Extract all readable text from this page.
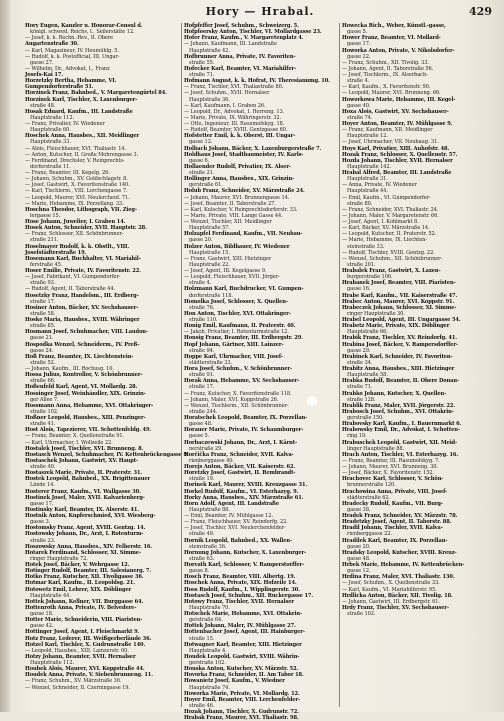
Hory — Hrabal.	429
Hory Eugen, Kanzler u. Honorar-Consul d.
königl. schwed. Reichs, I., Seilerstätte 12.
— Josef, k. k. Rechn.-Rev., II. Obere
Augartenstraße 30.
— Karl, Magazineur, IV. Heumühlg. 5.
— Rudolf, k. k. Postofficial, III. Ungar-
gasse 27.
— Wilhelm, Dr., Advokat, I., Franz
Josefs-Kai 17.
Horzetzky Bertha, Hebamme, VI.
Gumpendorferstraße 51.
Horzinek Franz, Bahnbed., V. Margaretengürtel 84.
Horzinek Karl, Tischler, X. Laxenburger-
straße 48.
Hosak Eduard, Kaufm., III. Landstraße
Hauptstraße 112.
— Franz, Privatier, IV. Wiedener
Hauptstraße 60.
Hoschek Anna, Hausbes., XII. Meidlinger
Hauptstraße 33.
— Alois, Fleischhauer, XVI. Thaliastr. 14.
— Anton, Kutscher, II. Große Mohrengasse 3.
— Ferdinand, Drechsler, V. Reinprechts-
dorferstraße 11.
— Franz, Beamter, III. Kegelg. 26.
— Johann, Schuhm., XV. Goldschlagstr. 8.
— Josef, Gastwirt, X. Favoritenstraße 140.
— Karl, Tischlerm., VIII. Lerchengasse 7.
— Leopold, Maurer, XVI. Neulerchenf. 71.
— Marie, Hebamme, IX. Porzellang. 33.
Hoschna Theodor, Lithograph, VII. Zieg-
lergasse 15.
Hose Johann, Juwelier, I. Graben 14.
Hosek Anton, Schneider, XVII. Hauptstr. 28.
— Franz, Schlosser, XII. Schönbrunner-
straße 211.
Hoselmayer Rudolf, k. k. Obstlt., VIII.
Josefstädterstraße 19.
Hosemann Karl, Buchhalter, VI. Mariahil-
ferstraße 45.
Hoser Emilie, Private, IV. Favoritenstr. 22.
— Josef, Fabrikant, VI. Gumpendorfer-
straße 93.
— Rudolf, Agent, II. Taborstraße 44.
Hosetzky Franz, Handelsm., III. Erdberg-
straße 17.
Hosiner Anton, Bäcker, XV. Sechshauser-
straße 58.
Hoske Maria, Hausbes., XVIII. Währinger
straße 85.
Hosmann Josef, Schuhmacher, VIII. Laudon-
gasse 21.
Hospodka Wenzel, Schneiderm., IV. Preß-
gasse 24.
Hoß Franz, Beamter, IX. Liechtenstein-
straße 52.
— Johann, Kaufm., III. Rochusg. 10.
Hossa Julius, Kontrollor, V. Schönbrunner-
straße 66.
Hoßenfeld Karl, Agent, VI. Mollardg. 28.
Hossinger Josef, Weinhändler, XIX. Grinzin-
ger Allee 7.
Hossmann Anna, Hebamme, XVI. Ottakringer-
straße 102.
Hoßner Leopold, Hausbes., XIII. Penzinger-
straße 41.
Host Alois, Tapezierer, VII. Schottenfeldg. 49.
— Franz, Beamter, X. Quellenstraße 91.
— Karl, Uhrmacher, I. Wollzeile 22.
Hostalek Josef, Tischler, XVI. Brunneng. 8.
Hostasch Wenzel, Schuhmacher, IV. Kettenbrückengasse 9.
Hostaschek Johann, Gastwirt, XV. Haupt-
straße 40.
Hostaszek Marie, Private, II. Praterstr. 31.
Hostek Leopold, Bahnbed., XX. Brigittenauer
Lände 14.
Hosterer Franz, Kaufm., VI. Wallgasse 30.
Hostinek Josef, Maler, XVII. Kalvarienberg-
gasse 17.
Hostinsky Karl, Beamter, IX. Alserstr. 41.
Hostnik Anton, Kupferschmied, XVI. Wiesberg-
gasse 3.
Hostomsky Franz, Agent, XVIII. Gentzg. 14.
Hostowsky Johann, Dr., Arzt, I. Rotenturm-
straße 23.
Hoszowsky Anna, Hausbes., XIV. Felberstr. 16.
Hotarek Ferdinand, Schlosser, XI. Simme-
ringer Hauptstraße 72.
Hotek Josef, Bäcker, V. Wehrgasse 12.
Hotinger Rudolf, Beamter, III. Salesianerg. 7.
Hotko Franz, Kutscher, XII. Tivoligasse 36.
Hotmar Karl, Kaufm., II. Leopoldsg. 21.
Hotowetz Emil, Lehrer, XIX. Döblinger
Hauptstraße 44.
Hottek Johann, Kellner, VII. Burggasse 64.
Hottenroth Anna, Private, IV. Belvedere-
gasse 18.
Hotter Marie, Schneiderin, VIII. Piaristen-
gasse 42.
Hottinger Josef, Agent, I. Fleischmarkt 9.
Hotz Franz, Lederer, III. Weißgerberlände 36.
Hotzel Karl, Tischler, X. Gudrunstraße 140.
— Leopold, Hausbes., XIII. Lainzerstr. 60.
Hotzy Johann, Beamter, XVII. Hernalser
Hauptstraße 112.
Houbek Alois, Maurer, XVI. Koppstraße 44.
Houdek Anna, Private, V. Siebenbrunneng. 11.
— Franz, Schuhm., XV. Märzstraße 36.
— Wenzel, Schneider, II. Czerningasse 19.
Hofpfeffer Josef, Schuhm., Schweizerg. 5.
Hofpfoersky Anton, Tischler, VI. Mollardgasse 23.
Hofer Franz, Kaufm., V. Margaretenplatz 4.
— Johann, Kaufmann, III. Landstraße
Hauptstraße 42.
Hofbrunner Anna, Private, IV. Favoriten-
straße 55.
Hofecker Karl, Beamter, VI. Mariahilfer-
straße 71.
Hofmann August, k. k. Hofrat, IV. Theresianumg. 10.
— Franz, Tischler, XVI. Thaliastraße 80.
— Josef, Schuhm., XVII. Hernalser
Hauptstraße 36.
— Karl, Kaufmann, I. Graben 26.
— Leopold, Dr., Advokat, I. Herreng. 13.
— Marie, Private, IX. Währingerstr. 32.
— Otto, Ingenieur, III. Rasumofskyg. 18.
— Rudolf, Beamter, XVIII. Gentzgasse 60.
Hofstetter Emil, k. k. Oberst, III. Ungar-
gasse 12.
Holbach Johann, Bäcker, X. Laxenburgerstraße 7.
Holdhaus Josef, Stadtbaumeister, IV. Karls-
gasse 6.
Hollaender Rudolf, Privatier, IX. Alser-
straße 21.
Hollinger Anna, Hausbes., XIX. Grinzin-
gerstraße 61.
Holub Franz, Schneider, XV. Märzstraße 24.
— Johann, Maurer, XVI. Brunnengasse 14.
— Josef, Beamter, II. Taborstraße 27.
— Karl, Kutscher, V. Reinprechtsdorferstr. 33.
— Marie, Private, VIII. Lange Gasse 44.
— Wenzel, Tischler, XII. Meidlinger
Hauptstraße 57.
Holzapfel Ferdinand, Kaufm., VII. Neubau-
gasse 20.
Holzer Anton, Bildhauer, IV. Wiedener
Hauptstraße 15.
— Franz, Gastwirt, XIII. Hietzinger
Hauptstraße 22.
— Josef, Agent, III. Kegelgasse 9.
— Leopold, Fleischhauer, XVII. Jörger-
straße 4.
Holzmann Karl, Buchdrucker, VI. Gumpen-
dorferstraße 118.
Homolka Josef, Schlosser, X. Quellen-
straße 76.
Hon Anton, Tischler, XVI. Ottakringer-
straße 110.
Honig Emil, Kaufmann, II. Praterstr. 40.
— Jakob, Privatier, I. Rotenturmstraße 12.
Honsig Franz, Beamter, III. Erdbergstr. 29.
Hopf Johann, Gärtner, XIII. Lainzer-
straße 94.
Hoppe Karl, Uhrmacher, VIII. Josef-
städterstraße 33.
Hora Josef, Schuhm., V. Schönbrunner-
straße 91.
Horak Anna, Hebamme, XV. Sechshauser-
straße 17.
— Franz, Kutscher, X. Favoritenstraße 118.
— Johann, Maler, XVI. Koppstraße 26.
— Wenzel, Tischlerm., XII. Schönbrunner-
straße 244.
Horatschek Leopold, Beamter, IX. Porzellan-
gasse 48.
Horauer Marie, Private, IV. Schaumburger-
gasse 5.
Horbaczewski Johann, Dr., Arzt, I. Kärnt-
nerstraße 29.
Horčička Franz, Schneider, XVII. Kalva-
rienberggasse 40.
Horejs Anton, Bäcker, VII. Kaiserstr. 62.
Horetzky Josef, Gastwirt, II. Rembrandt-
straße 19.
Horinek Karl, Maurer, XVIII. Kreuzgasse 31.
Horkel Rudolf, Kaufm., VI. Esterhazyg. 9.
Horky Anna, Hausbes., XIV. Märzstraße 61.
Horn Adolf, Agent, III. Landstraße
Hauptstraße 88.
— Emil, Beamter, IV. Mühlgasse 12.
— Franz, Fleischhauer, XV. Reindorfg. 22.
— Josef, Tischler, XVI. Neulerchenfelder-
straße 49.
Hornik Leopold, Bahnbed., XX. Wallen-
steinstraße 36.
Hornung Johann, Kutscher, X. Laxenburger-
straße 63.
Horvath Karl, Schlosser, V. Ramperstorffer-
gasse 8.
Hosch Franz, Beamter, VIII. Albertg. 19.
Hoschek Anna, Private, XIX. Hofzeile 14.
Hoss Rudolf, Kaufm., I. Wipplingerstr. 30.
Hostasch Josef, Schuhm., XII. Ruckergasse 17.
Hotowy Franz, Tischler, XVII. Hernalser
Hauptstraße 70.
Hotschek Marie, Hebamme, XVI. Ottakrin-
gerstraße 64.
Hottek Johann, Maler, IV. Mühlgasse 27.
Hottenbacher Josef, Agent, III. Hainburger-
straße 15.
Hotwagner Karl, Beamter, XIII. Hietzinger
Hauptstraße 4.
Houdek Leopold, Gastwirt, XVIII. Währin-
gerstraße 102.
Houska Anton, Kutscher, XV. Märzstr. 52.
Hovorka Franz, Schneider, II. Am Tabor 18.
Howanietz Josef, Kaufm., V. Wiedner
Hauptstraße 74.
Howorka Marie, Private, VI. Mollardg. 12.
Hoyer Emil, Beamter, VIII. Lerchenfelder-
straße 46.
Hozak Johann, Tischler, X. Gudrunstr. 72.
Hrabak Franz, Maurer, XVI. Thaliastr. 98.
Howecka Rich., Weber, Künstl.-gasse,
gasse 5.
Hower Franz, Beamter, VI. Mollard-
gasse 17.
Howorka Anton, Private, V. Nikolsdorfer-
gasse 22.
— Franz, Schuhm., XII. Tivolig. 33.
— Johann, Agent, II. Taborstraße 56.
— Josef, Tischlerm., IX. Alserbach-
straße 4.
— Karl, Kaufm., X. Favoritenstr. 90.
— Leopold, Maurer, XVI. Brunneng. 66.
Howorkowa Marie, Hebamme, III. Kegel-
gasse 40.
Hoxa Alois, Gastwirt, XV. Sechshauser-
straße 74.
Hoyer Anton, Beamter, IV. Mühlgasse 9.
— Franz, Kaufmann, XII. Meidlinger
Hauptstraße 12.
— Josef, Uhrmacher, VII. Neubaug. 31.
Hoys Karl, Privatier, XIII. Auhofstr. 48.
Hozak Franz, Schlosser, X. Quellenstr. 57.
Hozda Johann, Tischler, XVII. Hernalser
Hauptstraße 142.
Hrabal Alfred, Beamter, III. Landstraße
Hauptstraße 31.
— Anna, Private, IV. Wiedener
Hauptstraße 44.
— Emil, Kaufm., VI. Gumpendorfer-
straße 80.
— Franz, Schneider, XVI. Thaliastr. 24.
— Johann, Maler, V. Margaretenstr. 66.
— Josef, Agent, I. Kohlmarkt 8.
— Karl, Bäcker, XV. Märzstraße 14.
— Leopold, Kutscher, II. Praterstr. 52.
— Marie, Hebamme, IX. Liechten-
steinstraße 33.
— Rudolf, Tischler, XVIII. Gentzg. 22.
— Wenzel, Schuhm., XII. Schönbrunner-
straße 201.
Hrabalek Franz, Gastwirt, X. Laxen-
burgerstraße 106.
Hrabanek Josef, Beamter, VIII. Piaristen-
gasse 16.
Hrabe Karl, Kaufm., VII. Kaiserstraße 47.
Hrabec Anton, Maurer, XVI. Koppstr. 91.
Hrabeczek Johann, Schlosser, XI. Simme-
ringer Hauptstraße 30.
Hrabel Leopold, Agent, III. Ungargasse 54.
Hrabetz Marie, Private, XIX. Döblinger
Hauptstraße 66.
Hrabik Franz, Tischler, XV. Reindorfg. 41.
Hrabina Josef, Bäcker, V. Rampersdorffer-
gasse 29.
Hrabinek Karl, Schneider, IV. Favoriten-
straße 34.
Hrabitz Anna, Hausbes., XIII. Hietzinger
Hauptstraße 58.
Hrabka Rudolf, Beamter, II. Obere Donau-
straße 71.
Hrabko Johann, Kutscher, X. Quellen-
straße 128.
Hrablik Franz, Maler, XVII. Jörgerstr. 22.
Hrabosch Josef, Schuhm., XVI. Ottakrin-
gerstraße 150.
Hrabovsky Karl, Kaufm., I. Bauernmarkt 6.
Hrabowsky Emil, Dr., Advokat, I. Schotten-
ring 19.
Hrabuschek Leopold, Gastwirt, XII. Meid-
linger Hauptstraße 88.
Hrach Anton, Tischler, VI. Esterhazyg. 16.
— Franz, Beamter, III. Rasumofskyg. 7.
— Johann, Maurer, XVI. Brunneng. 30.
— Josef, Bäcker, X. Favoritenstr. 152.
Hrachovec Karl, Schlosser, V. Schön-
brunnerstraße 120.
Hrachowina Anna, Private, VIII. Josef-
städterstraße 62.
Hradecky Rudolf, Kaufm., VII. Burg-
gasse 38.
Hradek Franz, Schneider, XV. Märzstr. 78.
Hradetzky Josef, Agent, II. Taborstr. 88.
Hradil Johann, Tischler, XVII. Kalva-
rienberggasse 22.
Hradilek Karl, Beamter, IX. Porzellan-
gasse 20.
Hradsky Leopold, Kutscher, XVIII. Kreuz-
gasse 48.
Hrbek Marie, Hebamme, IV. Kettenbrücken-
gasse 12.
Hrdina Franz, Maler, XVI. Thaliastr. 130.
— Josef, Schuhm., X. Quellenstraße 33.
— Karl, Kaufm., VI. Mariahilferstr. 95.
Hrdlicka Anton, Bäcker, XII. Tivolig. 18.
— Johann, Gastwirt, III. Erdbergstr. 61.
Hrdy Franz, Tischler, XV. Sechshauser-
straße 102.
